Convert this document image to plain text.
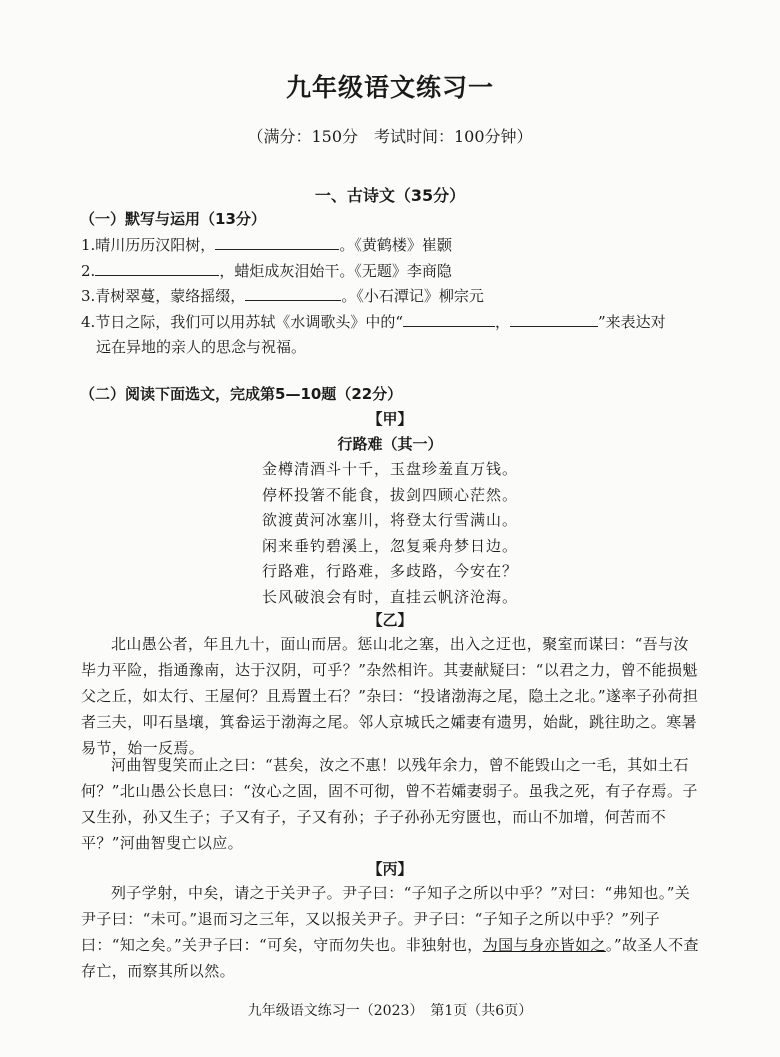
九年级语文练习一
（满分：150分　考试时间：100分钟）
一、古诗文（35分）
（一）默写与运用（13分）
1.晴川历历汉阳树，	。《黄鹤楼》崔颢
2.	，蜡炬成灰泪始干。《无题》李商隐
3.青树翠蔓，蒙络摇缀，	。《小石潭记》柳宗元
4.节日之际，我们可以用苏轼《水调歌头》中的“	，	”来表达对
远在异地的亲人的思念与祝福。
（二）阅读下面选文，完成第5—10题（22分）
【甲】
行路难（其一）
金樽清酒斗十千，玉盘珍羞直万钱。
停杯投箸不能食，拔剑四顾心茫然。
欲渡黄河冰塞川，将登太行雪满山。
闲来垂钓碧溪上，忽复乘舟梦日边。
行路难，行路难，多歧路，今安在？
长风破浪会有时，直挂云帆济沧海。
【乙】

北山愚公者，年且九十，面山而居。惩山北之塞，出入之迂也，聚室而谋曰：“吾与汝毕力平险，指通豫南，达于汉阴，可乎？”杂然相许。其妻献疑曰：“以君之力，曾不能损魁父之丘，如太行、王屋何？且焉置土石？”杂曰：“投诸渤海之尾，隐土之北。”遂率子孙荷担者三夫，叩石垦壤，箕畚运于渤海之尾。邻人京城氏之孀妻有遗男，始龀，跳往助之。寒暑易节，始一反焉。

河曲智叟笑而止之曰：“甚矣，汝之不惠！以残年余力，曾不能毁山之一毛，其如土石何？”北山愚公长息曰：“汝心之固，固不可彻，曾不若孀妻弱子。虽我之死，有子存焉。子又生孙，孙又生子；子又有子，子又有孙；子子孙孙无穷匮也，而山不加增，何苦而不平？”河曲智叟亡以应。

【丙】

列子学射，中矣，请之于关尹子。尹子曰：“子知子之所以中乎？”对曰：“弗知也。”关尹子曰：“未可。”退而习之三年，又以报关尹子。尹子曰：“子知子之所以中乎？”列子曰：“知之矣。”关尹子曰：“可矣，守而勿失也。非独射也，为国与身亦皆如之。”故圣人不查存亡，而察其所以然。

九年级语文练习一（2023）　第1页（共6页）
